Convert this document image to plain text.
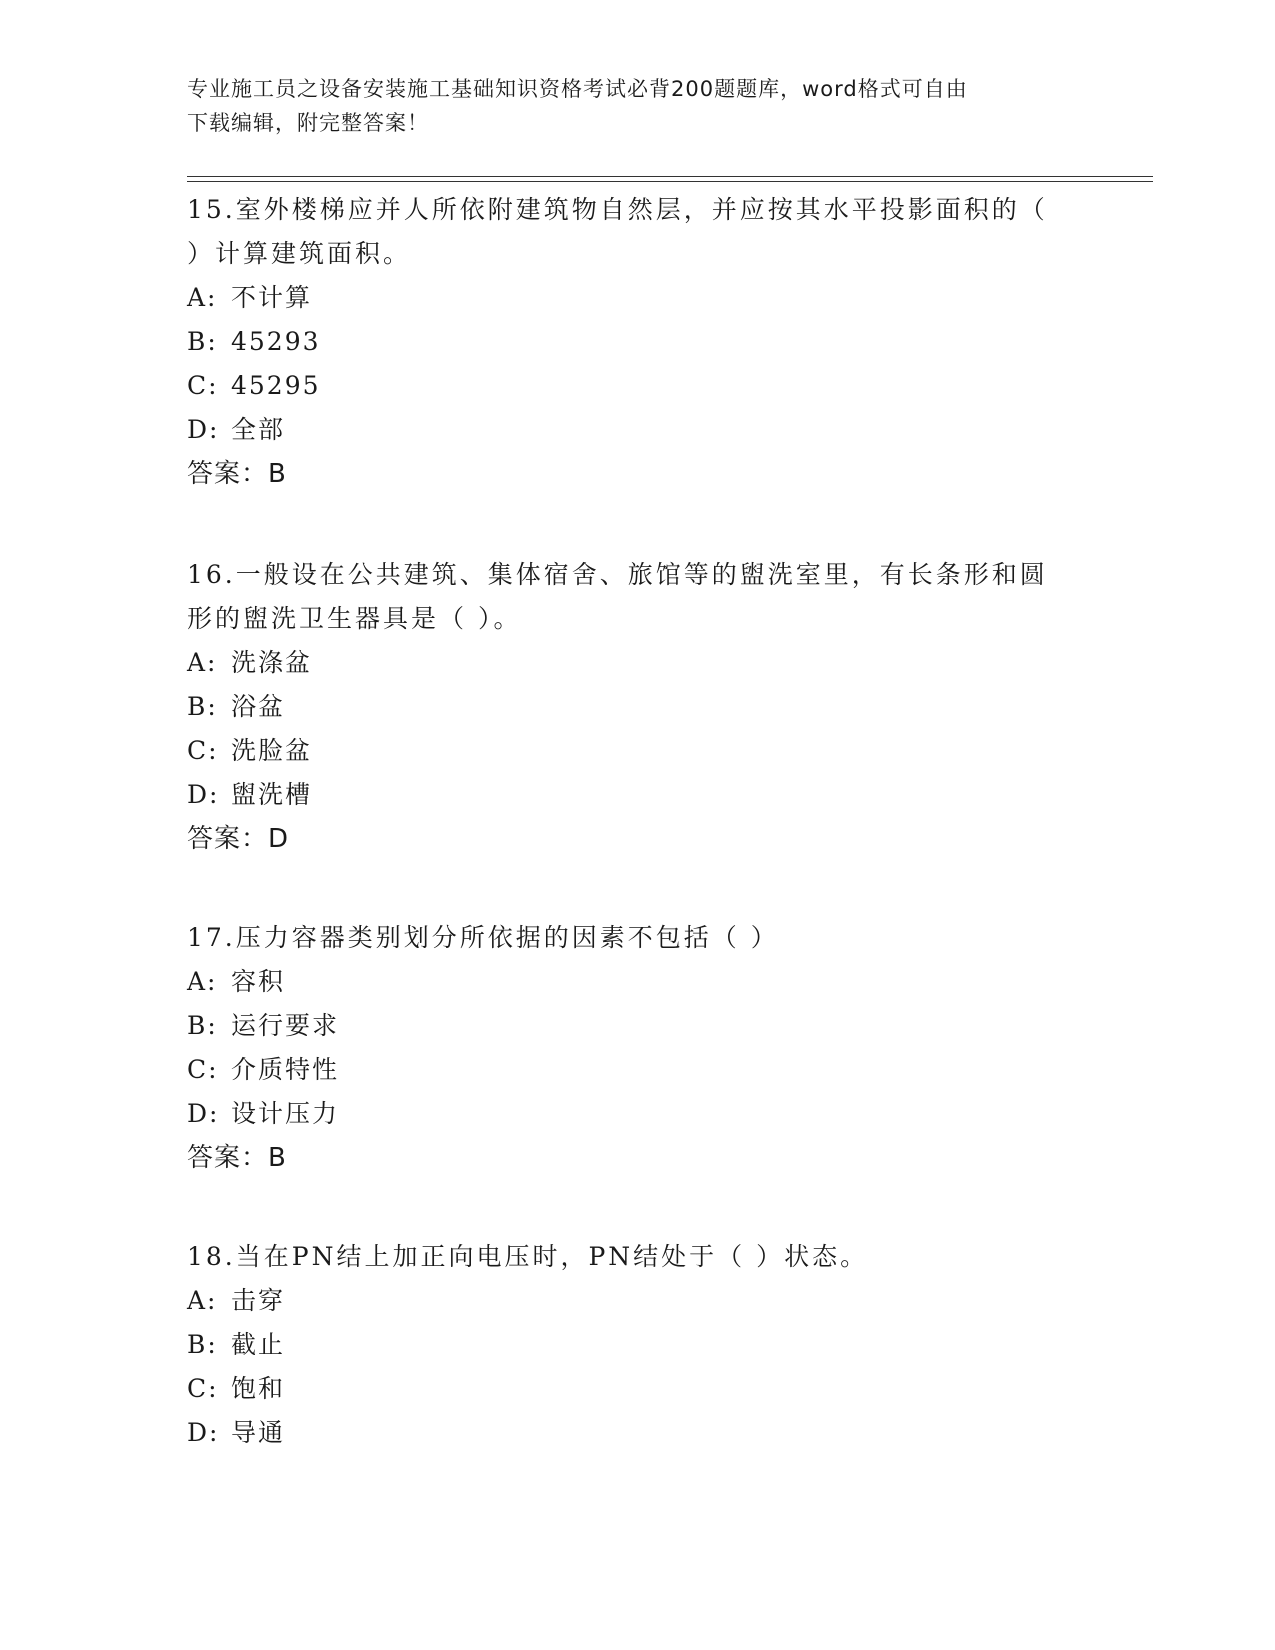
专业施工员之设备安装施工基础知识资格考试必背200题题库，word格式可自由
下载编辑，附完整答案！

15.室外楼梯应并人所依附建筑物自然层，并应按其水平投影面积的（

）计算建筑面积。

A: 不计算

B: 45293

C: 45295

D: 全部

答案：B

16.一般设在公共建筑、集体宿舍、旅馆等的盥洗室里，有长条形和圆

形的盥洗卫生器具是（ ）。

A: 洗涤盆

B: 浴盆

C: 洗脸盆

D: 盥洗槽

答案：D

17.压力容器类别划分所依据的因素不包括（ ）

A: 容积

B: 运行要求

C: 介质特性

D: 设计压力

答案：B

18.当在PN结上加正向电压时，PN结处于（ ）状态。

A: 击穿

B: 截止

C: 饱和

D: 导通
